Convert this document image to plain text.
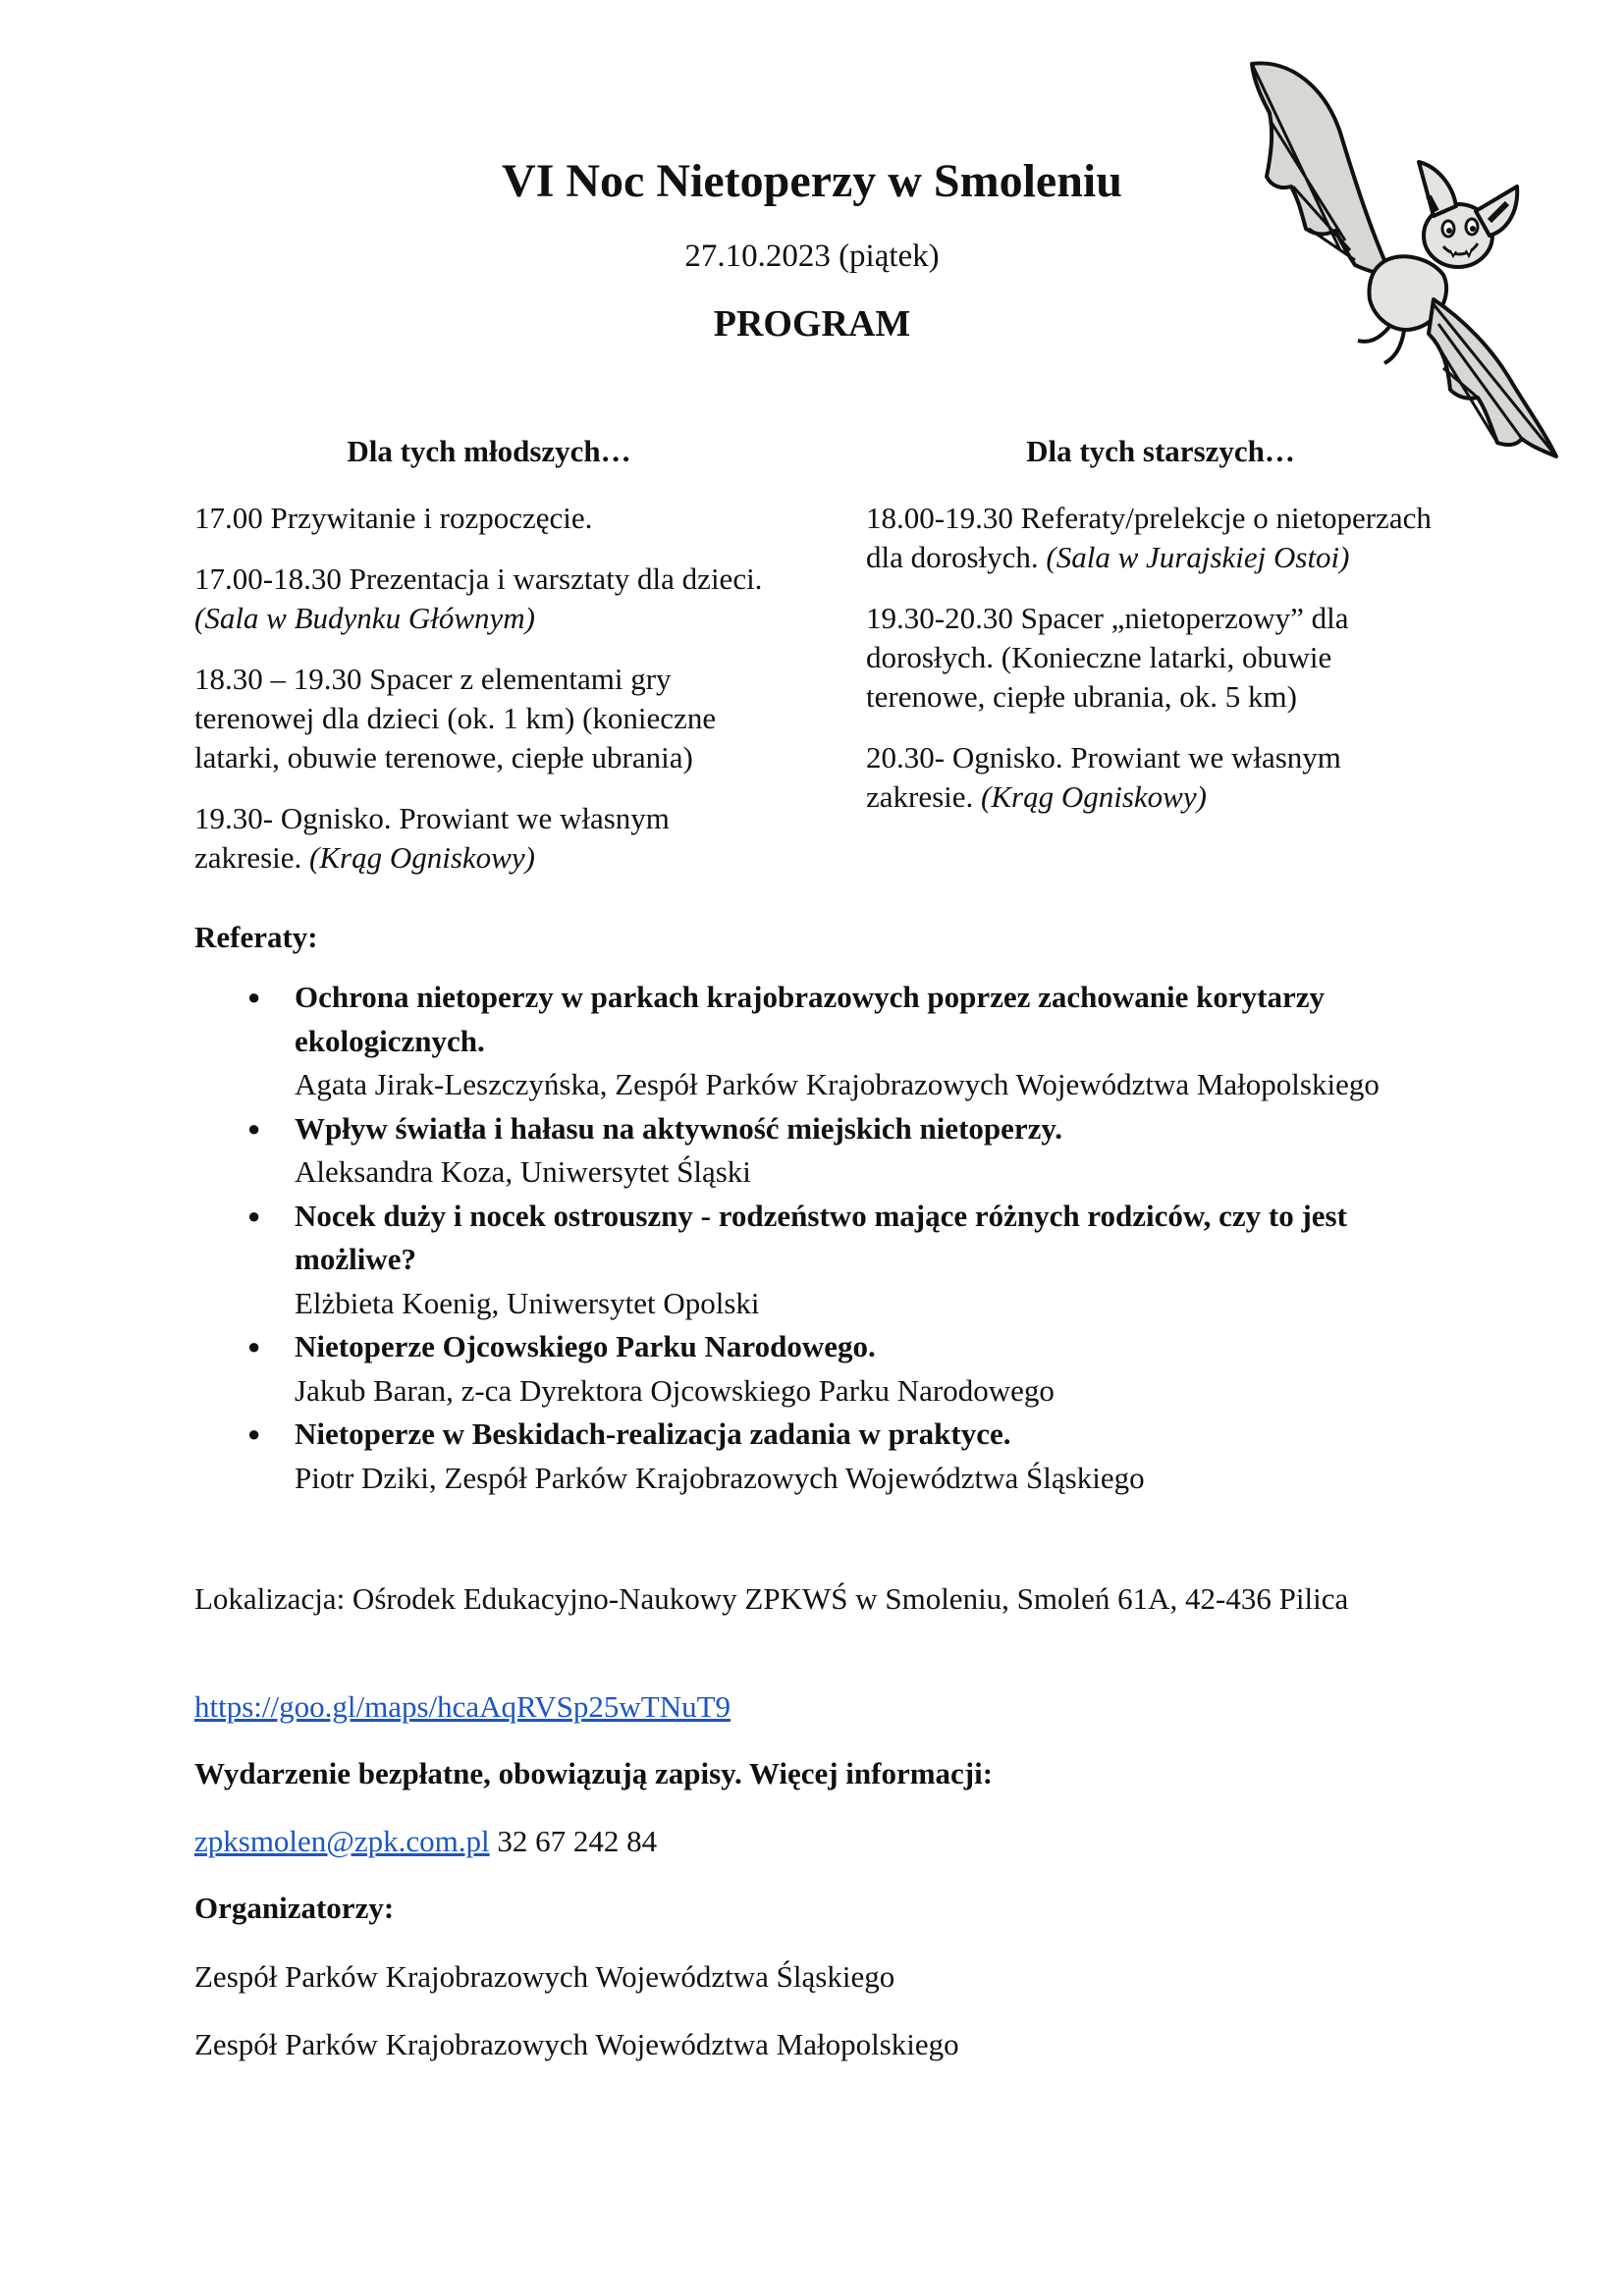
VI Noc Nietoperzy w Smoleniu
27.10.2023 (piątek)
PROGRAM
Dla tych młodszych…
17.00 Przywitanie i rozpoczęcie.
17.00-18.30 Prezentacja i warsztaty dla dzieci. (Sala w Budynku Głównym)
18.30 – 19.30 Spacer z elementami gry terenowej dla dzieci (ok. 1 km) (konieczne latarki, obuwie terenowe, ciepłe ubrania)
19.30- Ognisko. Prowiant we własnym zakresie. (Krąg Ogniskowy)
Dla tych starszych…
18.00-19.30 Referaty/prelekcje o nietoperzach dla dorosłych. (Sala w Jurajskiej Ostoi)
19.30-20.30 Spacer „nietoperzowy” dla dorosłych. (Konieczne latarki, obuwie terenowe, ciepłe ubrania, ok. 5 km)
20.30- Ognisko. Prowiant we własnym zakresie. (Krąg Ogniskowy)
Referaty:
● Ochrona nietoperzy w parkach krajobrazowych poprzez zachowanie korytarzy ekologicznych.
Agata Jirak-Leszczyńska, Zespół Parków Krajobrazowych Województwa Małopolskiego
● Wpływ światła i hałasu na aktywność miejskich nietoperzy.
Aleksandra Koza, Uniwersytet Śląski
● Nocek duży i nocek ostrouszny - rodzeństwo mające różnych rodziców, czy to jest możliwe?
Elżbieta Koenig, Uniwersytet Opolski
● Nietoperze Ojcowskiego Parku Narodowego.
Jakub Baran, z-ca Dyrektora Ojcowskiego Parku Narodowego
● Nietoperze w Beskidach-realizacja zadania w praktyce.
Piotr Dziki, Zespół Parków Krajobrazowych Województwa Śląskiego
Lokalizacja: Ośrodek Edukacyjno-Naukowy ZPKWŚ w Smoleniu, Smoleń 61A, 42-436 Pilica
https://goo.gl/maps/hcaAqRVSp25wTNuT9
Wydarzenie bezpłatne, obowiązują zapisy. Więcej informacji:
zpksmolen@zpk.com.pl 32 67 242 84
Organizatorzy:
Zespół Parków Krajobrazowych Województwa Śląskiego
Zespół Parków Krajobrazowych Województwa Małopolskiego
